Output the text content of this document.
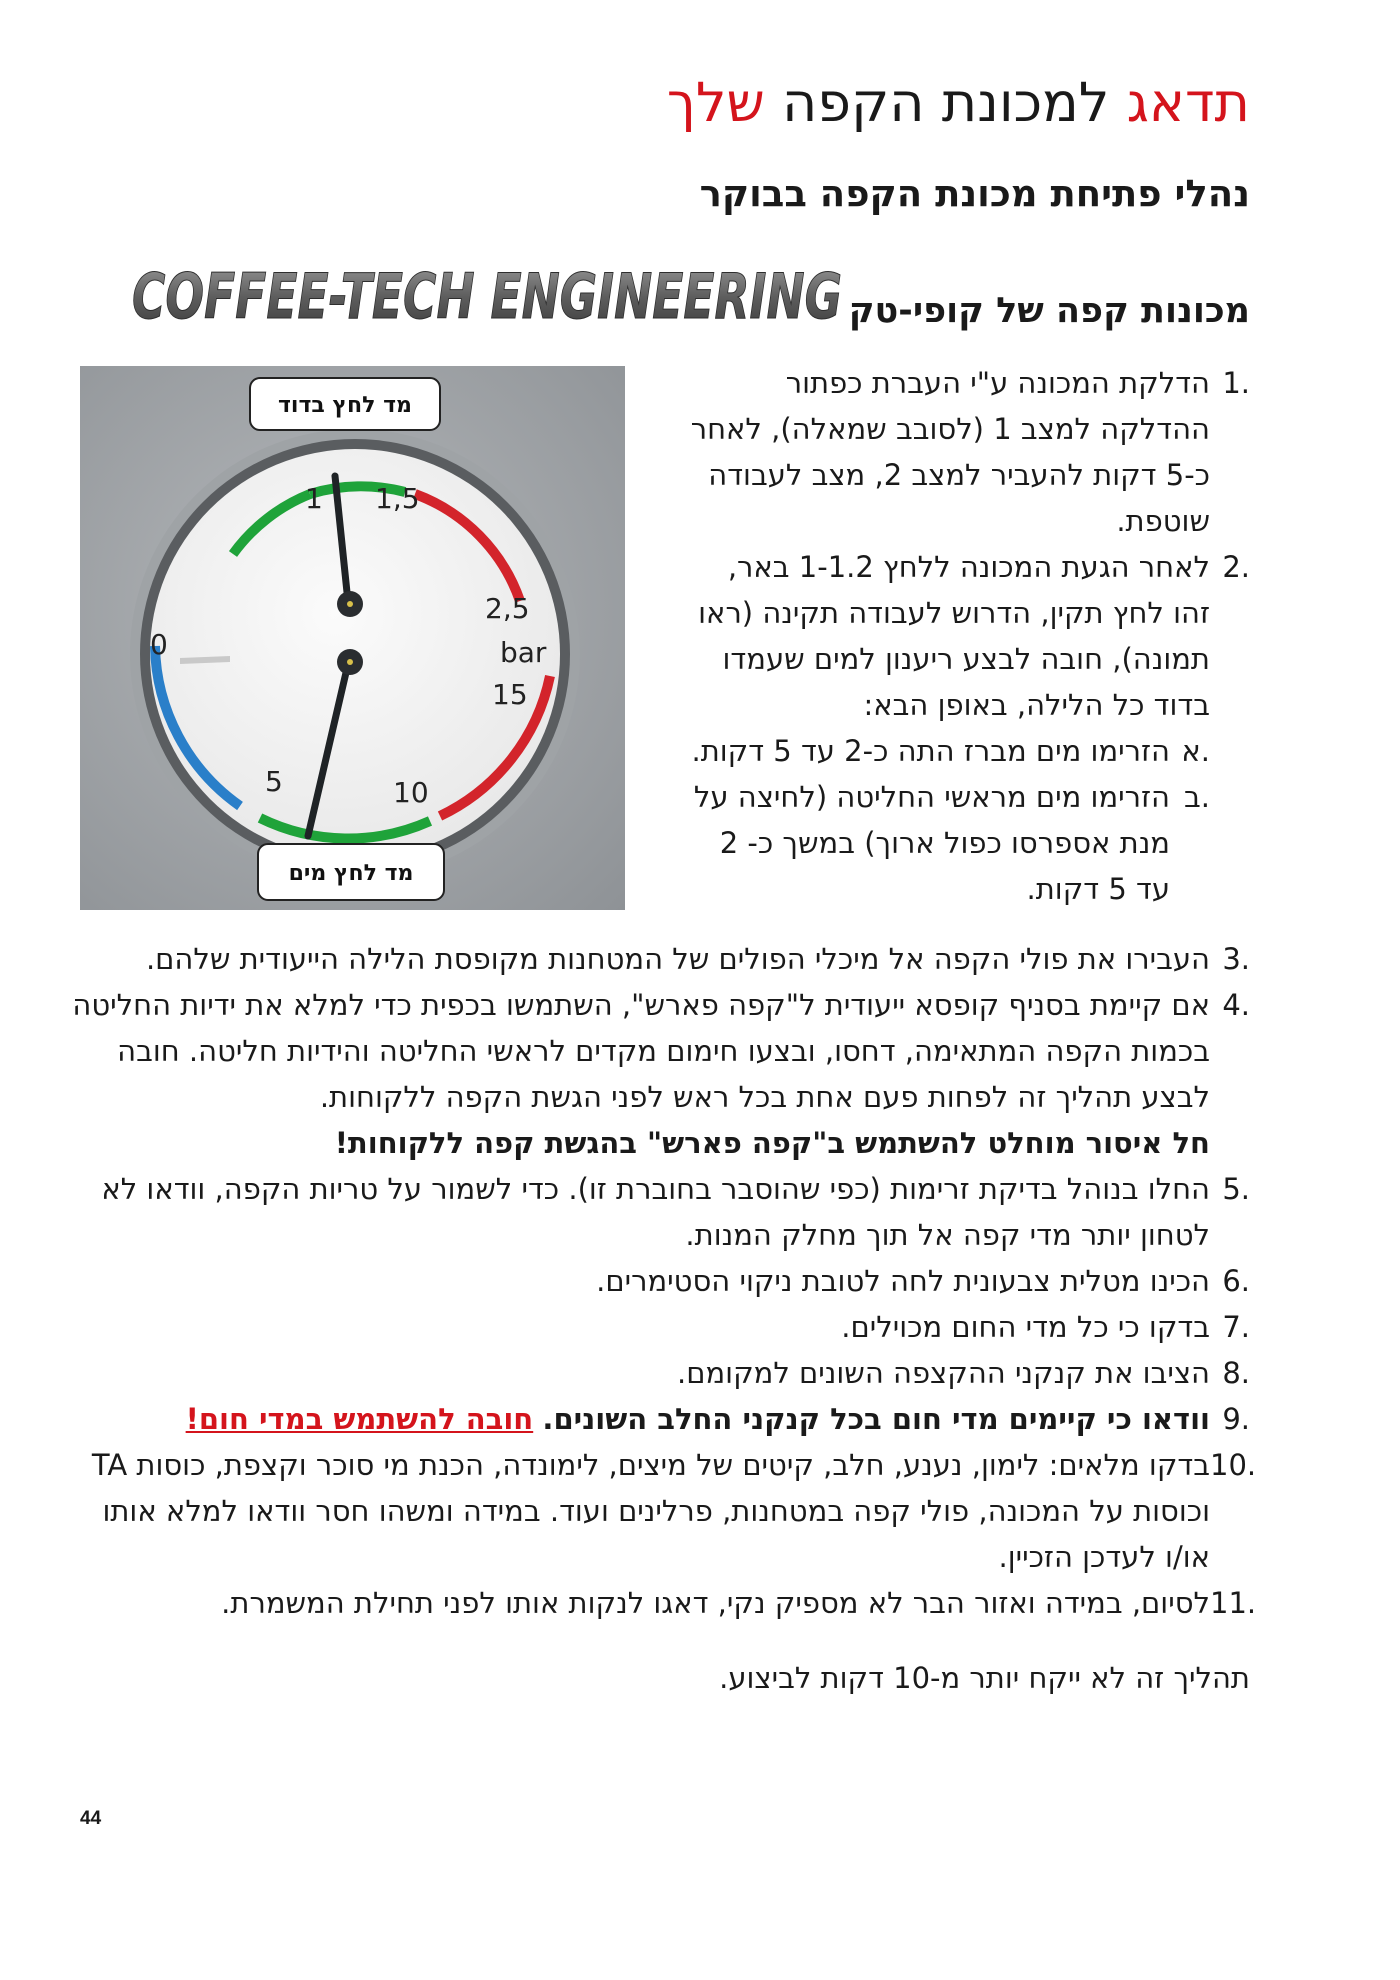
תדאג למכונת הקפה שלך
נהלי פתיחת מכונת הקפה בבוקר
מכונות קפה של קופי-טק
COFFEE-TECH ENGINEERING
1 1,5
2,5
bar
15
0
5	10
מד לחץ בדוד
מד לחץ מים
.1
הדלקת המכונה ע"י העברת כפתור ההדלקה למצב 1 (לסובב שמאלה), לאחר כ-5 דקות להעביר למצב 2, מצב לעבודה שוטפת.
.2
לאחר הגעת המכונה ללחץ 1-1.2 באר, זהו לחץ תקין, הדרוש לעבודה תקינה (ראו תמונה), חובה לבצע ריענון למים שעמדו בדוד כל הלילה, באופן הבא:
.א
הזרימו מים מברז התה כ-2 עד 5 דקות.
.ב
הזרימו מים מראשי החליטה (לחיצה על מנת אספרסו כפול ארוך) במשך כ- 2 עד 5 דקות.
.3
העבירו את פולי הקפה אל מיכלי הפולים של המטחנות מקופסת הלילה הייעודית שלהם.
.4
אם קיימת בסניף קופסא ייעודית ל"קפה פארש", השתמשו בכפית כדי למלא את ידיות החליטה בכמות הקפה המתאימה, דחסו, ובצעו חימום מקדים לראשי החליטה והידיות חליטה. חובה לבצע תהליך זה לפחות פעם אחת בכל ראש לפני הגשת הקפה ללקוחות.
חל איסור מוחלט להשתמש ב"קפה פארש" בהגשת קפה ללקוחות!
.5
החלו בנוהל בדיקת זרימות (כפי שהוסבר בחוברת זו). כדי לשמור על טריות הקפה, וודאו לא לטחון יותר מדי קפה אל תוך מחלק המנות.
.6
הכינו מטלית צבעונית לחה לטובת ניקוי הסטימרים.
.7
בדקו כי כל מדי החום מכוילים.
.8
הציבו את קנקני ההקצפה השונים למקומם.
.9
וודאו כי קיימים מדי חום בכל קנקני החלב השונים. חובה להשתמש במדי חום!
.10
בדקו מלאים: לימון, נענע, חלב, קיטים של מיצים, לימונדה, הכנת מי סוכר וקצפת, כוסות TA וכוסות על המכונה, פולי קפה במטחנות, פרלינים ועוד. במידה ומשהו חסר וודאו למלא אותו או/ו לעדכן הזכיין.
.11
לסיום, במידה ואזור הבר לא מספיק נקי, דאגו לנקות אותו לפני תחילת המשמרת.

תהליך זה לא ייקח יותר מ-10 דקות לביצוע.

44
